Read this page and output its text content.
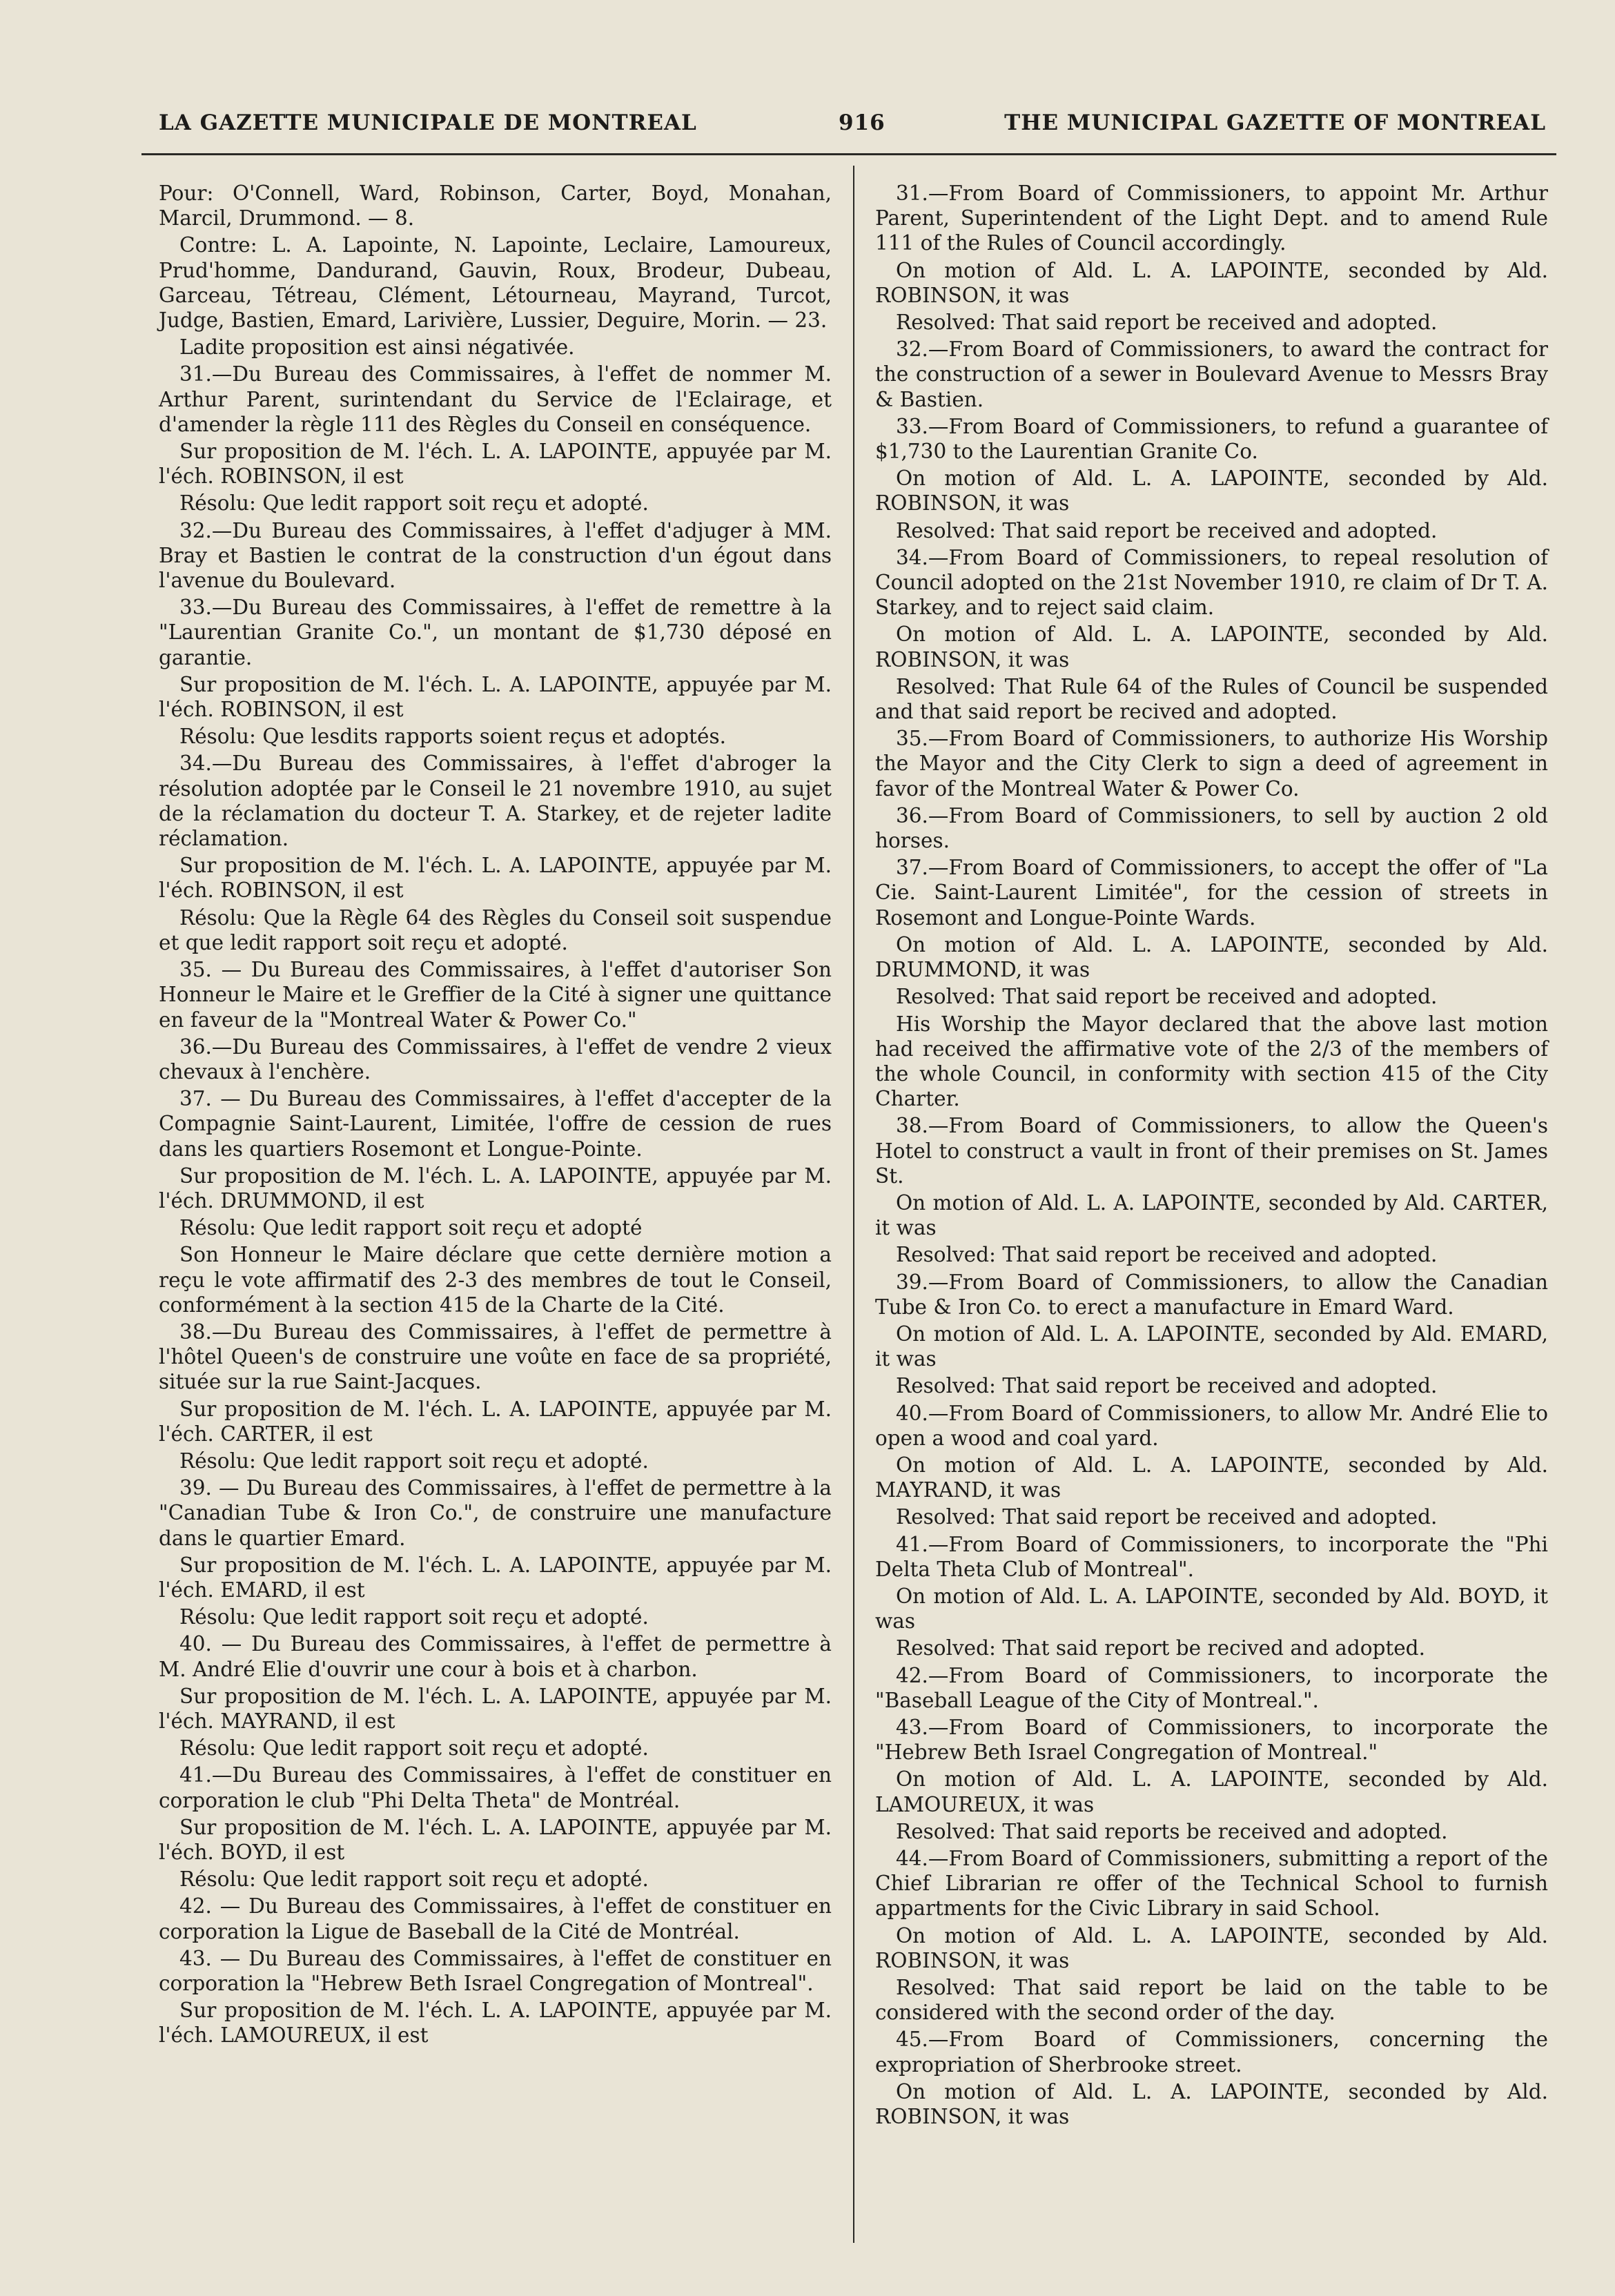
LA GAZETTE MUNICIPALE DE MONTREAL	916	THE MUNICIPAL GAZETTE OF MONTREAL

Pour: O'Connell, Ward, Robinson, Carter, Boyd, Monahan, Marcil, Drummond. — 8.

Contre: L. A. Lapointe, N. Lapointe, Leclaire, Lamoureux, Prud'homme, Dandurand, Gauvin, Roux, Brodeur, Dubeau, Garceau, Tétreau, Clément, Létourneau, Mayrand, Turcot, Judge, Bastien, Emard, Larivière, Lussier, Deguire, Morin. — 23.

Ladite proposition est ainsi négativée.

31.—Du Bureau des Commissaires, à l'effet de nommer M. Arthur Parent, surintendant du Service de l'Eclairage, et d'amender la règle 111 des Règles du Conseil en conséquence.

Sur proposition de M. l'éch. L. A. LAPOINTE, appuyée par M. l'éch. ROBINSON, il est

Résolu: Que ledit rapport soit reçu et adopté.

32.—Du Bureau des Commissaires, à l'effet d'adjuger à MM. Bray et Bastien le contrat de la construction d'un égout dans l'avenue du Boulevard.

33.—Du Bureau des Commissaires, à l'effet de remettre à la "Laurentian Granite Co.", un montant de $1,730 déposé en garantie.

Sur proposition de M. l'éch. L. A. LAPOINTE, appuyée par M. l'éch. ROBINSON, il est

Résolu: Que lesdits rapports soient reçus et adoptés.

34.—Du Bureau des Commissaires, à l'effet d'abroger la résolution adoptée par le Conseil le 21 novembre 1910, au sujet de la réclamation du docteur T. A. Starkey, et de rejeter ladite réclamation.

Sur proposition de M. l'éch. L. A. LAPOINTE, appuyée par M. l'éch. ROBINSON, il est

Résolu: Que la Règle 64 des Règles du Conseil soit suspendue et que ledit rapport soit reçu et adopté.

35. — Du Bureau des Commissaires, à l'effet d'autoriser Son Honneur le Maire et le Greffier de la Cité à signer une quittance en faveur de la "Montreal Water & Power Co."

36.—Du Bureau des Commissaires, à l'effet de vendre 2 vieux chevaux à l'enchère.

37. — Du Bureau des Commissaires, à l'effet d'accepter de la Compagnie Saint-Laurent, Limitée, l'offre de cession de rues dans les quartiers Rosemont et Longue-Pointe.

Sur proposition de M. l'éch. L. A. LAPOINTE, appuyée par M. l'éch. DRUMMOND, il est

Résolu: Que ledit rapport soit reçu et adopté

Son Honneur le Maire déclare que cette dernière motion a reçu le vote affirmatif des 2-3 des membres de tout le Conseil, conformément à la section 415 de la Charte de la Cité.

38.—Du Bureau des Commissaires, à l'effet de permettre à l'hôtel Queen's de construire une voûte en face de sa propriété, située sur la rue Saint-Jacques.

Sur proposition de M. l'éch. L. A. LAPOINTE, appuyée par M. l'éch. CARTER, il est

Résolu: Que ledit rapport soit reçu et adopté.

39. — Du Bureau des Commissaires, à l'effet de permettre à la "Canadian Tube & Iron Co.", de construire une manufacture dans le quartier Emard.

Sur proposition de M. l'éch. L. A. LAPOINTE, appuyée par M. l'éch. EMARD, il est

Résolu: Que ledit rapport soit reçu et adopté.

40. — Du Bureau des Commissaires, à l'effet de permettre à M. André Elie d'ouvrir une cour à bois et à charbon.

Sur proposition de M. l'éch. L. A. LAPOINTE, appuyée par M. l'éch. MAYRAND, il est

Résolu: Que ledit rapport soit reçu et adopté.

41.—Du Bureau des Commissaires, à l'effet de constituer en corporation le club "Phi Delta Theta" de Montréal.

Sur proposition de M. l'éch. L. A. LAPOINTE, appuyée par M. l'éch. BOYD, il est

Résolu: Que ledit rapport soit reçu et adopté.

42. — Du Bureau des Commissaires, à l'effet de constituer en corporation la Ligue de Baseball de la Cité de Montréal.

43. — Du Bureau des Commissaires, à l'effet de constituer en corporation la "Hebrew Beth Israel Congregation of Montreal".

Sur proposition de M. l'éch. L. A. LAPOINTE, appuyée par M. l'éch. LAMOUREUX, il est

31.—From Board of Commissioners, to appoint Mr. Arthur Parent, Superintendent of the Light Dept. and to amend Rule 111 of the Rules of Council accordingly.

On motion of Ald. L. A. LAPOINTE, seconded by Ald. ROBINSON, it was

Resolved: That said report be received and adopted.

32.—From Board of Commissioners, to award the contract for the construction of a sewer in Boulevard Avenue to Messrs Bray & Bastien.

33.—From Board of Commissioners, to refund a guarantee of $1,730 to the Laurentian Granite Co.

On motion of Ald. L. A. LAPOINTE, seconded by Ald. ROBINSON, it was

Resolved: That said report be received and adopted.

34.—From Board of Commissioners, to repeal resolution of Council adopted on the 21st November 1910, re claim of Dr T. A. Starkey, and to reject said claim.

On motion of Ald. L. A. LAPOINTE, seconded by Ald. ROBINSON, it was

Resolved: That Rule 64 of the Rules of Council be suspended and that said report be recived and adopted.

35.—From Board of Commissioners, to authorize His Worship the Mayor and the City Clerk to sign a deed of agreement in favor of the Montreal Water & Power Co.

36.—From Board of Commissioners, to sell by auction 2 old horses.

37.—From Board of Commissioners, to accept the offer of "La Cie. Saint-Laurent Limitée", for the cession of streets in Rosemont and Longue-Pointe Wards.

On motion of Ald. L. A. LAPOINTE, seconded by Ald. DRUMMOND, it was

Resolved: That said report be received and adopted.

His Worship the Mayor declared that the above last motion had received the affirmative vote of the 2/3 of the members of the whole Council, in conformity with section 415 of the City Charter.

38.—From Board of Commissioners, to allow the Queen's Hotel to construct a vault in front of their premises on St. James St.

On motion of Ald. L. A. LAPOINTE, seconded by Ald. CARTER, it was

Resolved: That said report be received and adopted.

39.—From Board of Commissioners, to allow the Canadian Tube & Iron Co. to erect a manufacture in Emard Ward.

On motion of Ald. L. A. LAPOINTE, seconded by Ald. EMARD, it was

Resolved: That said report be received and adopted.

40.—From Board of Commissioners, to allow Mr. André Elie to open a wood and coal yard.

On motion of Ald. L. A. LAPOINTE, seconded by Ald. MAYRAND, it was

Resolved: That said report be received and adopted.

41.—From Board of Commissioners, to incorporate the "Phi Delta Theta Club of Montreal".

On motion of Ald. L. A. LAPOINTE, seconded by Ald. BOYD, it was

Resolved: That said report be recived and adopted.

42.—From Board of Commissioners, to incorporate the "Baseball League of the City of Montreal.".

43.—From Board of Commissioners, to incorporate the "Hebrew Beth Israel Congregation of Montreal."

On motion of Ald. L. A. LAPOINTE, seconded by Ald. LAMOUREUX, it was

Resolved: That said reports be received and adopted.

44.—From Board of Commissioners, submitting a report of the Chief Librarian re offer of the Technical School to furnish appartments for the Civic Library in said School.

On motion of Ald. L. A. LAPOINTE, seconded by Ald. ROBINSON, it was

Resolved: That said report be laid on the table to be considered with the second order of the day.

45.—From Board of Commissioners, concerning the expropriation of Sherbrooke street.

On motion of Ald. L. A. LAPOINTE, seconded by Ald. ROBINSON, it was
